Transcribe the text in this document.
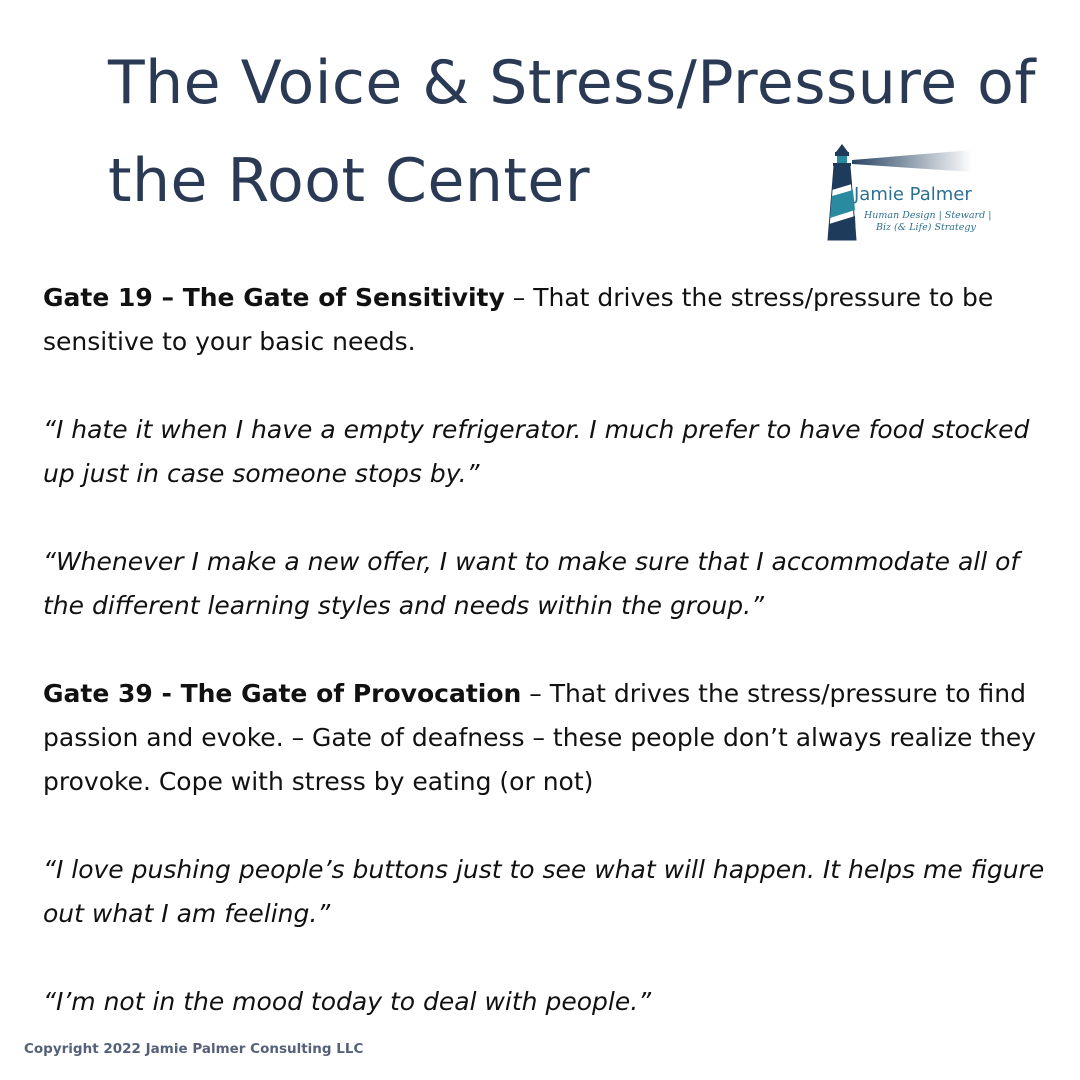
The Voice & Stress/Pressure of
the Root Center	Jamie Palmer
Human Design | Steward |
Biz (& Life) Strategy

Gate 19 – The Gate of Sensitivity – That drives the stress/pressure to be sensitive to your basic needs.

“I hate it when I have a empty refrigerator. I much prefer to have food stocked up just in case someone stops by.”

“Whenever I make a new offer, I want to make sure that I accommodate all of the different learning styles and needs within the group.”

Gate 39 - The Gate of Provocation – That drives the stress/pressure to find passion and evoke. – Gate of deafness – these people don’t always realize they provoke. Cope with stress by eating (or not)

“I love pushing people’s buttons just to see what will happen. It helps me figure out what I am feeling.”

“I’m not in the mood today to deal with people.”

Copyright 2022 Jamie Palmer Consulting LLC
